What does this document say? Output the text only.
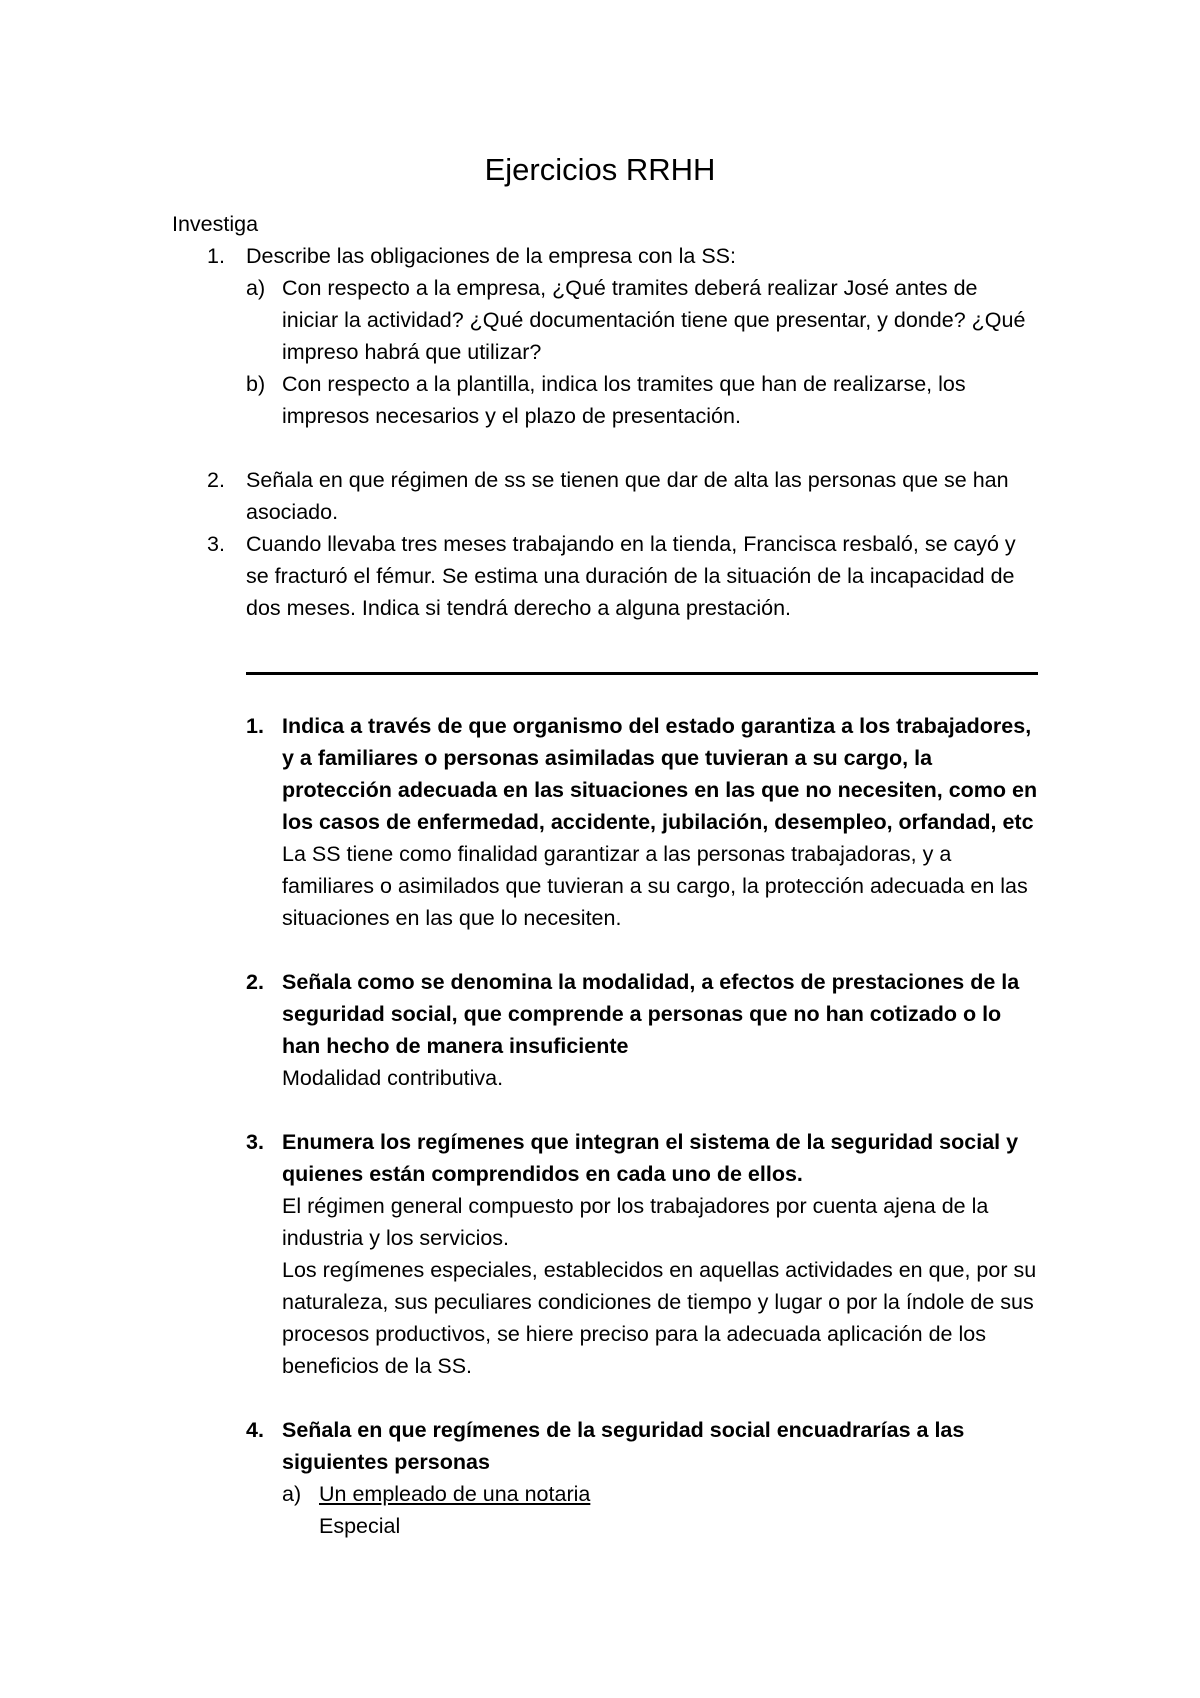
Ejercicios RRHH
Investiga
1. Describe las obligaciones de la empresa con la SS:
a) Con respecto a la empresa, ¿Qué tramites deberá realizar José antes de iniciar la actividad? ¿Qué documentación tiene que presentar, y donde? ¿Qué impreso habrá que utilizar?
b) Con respecto a la plantilla, indica los tramites que han de realizarse, los impresos necesarios y el plazo de presentación.
2. Señala en que régimen de ss se tienen que dar de alta las personas que se han asociado.
3. Cuando llevaba tres meses trabajando en la tienda, Francisca resbaló, se cayó y se fracturó el fémur. Se estima una duración de la situación de la incapacidad de dos meses. Indica si tendrá derecho a alguna prestación.
1. Indica a través de que organismo del estado garantiza a los trabajadores, y a familiares o personas asimiladas que tuvieran a su cargo, la protección adecuada en las situaciones en las que no necesiten, como en los casos de enfermedad, accidente, jubilación, desempleo, orfandad, etc
La SS tiene como finalidad garantizar a las personas trabajadoras, y a familiares o asimilados que tuvieran a su cargo, la protección adecuada en las situaciones en las que lo necesiten.
2. Señala como se denomina la modalidad, a efectos de prestaciones de la seguridad social, que comprende a personas que no han cotizado o lo han hecho de manera insuficiente
Modalidad contributiva.
3. Enumera los regímenes que integran el sistema de la seguridad social y quienes están comprendidos en cada uno de ellos.
El régimen general compuesto por los trabajadores por cuenta ajena de la industria y los servicios.
Los regímenes especiales, establecidos en aquellas actividades en que, por su naturaleza, sus peculiares condiciones de tiempo y lugar o por la índole de sus procesos productivos, se hiere preciso para la adecuada aplicación de los beneficios de la SS.
4. Señala en que regímenes de la seguridad social encuadrarías a las siguientes personas
a) Un empleado de una notaria
Especial
